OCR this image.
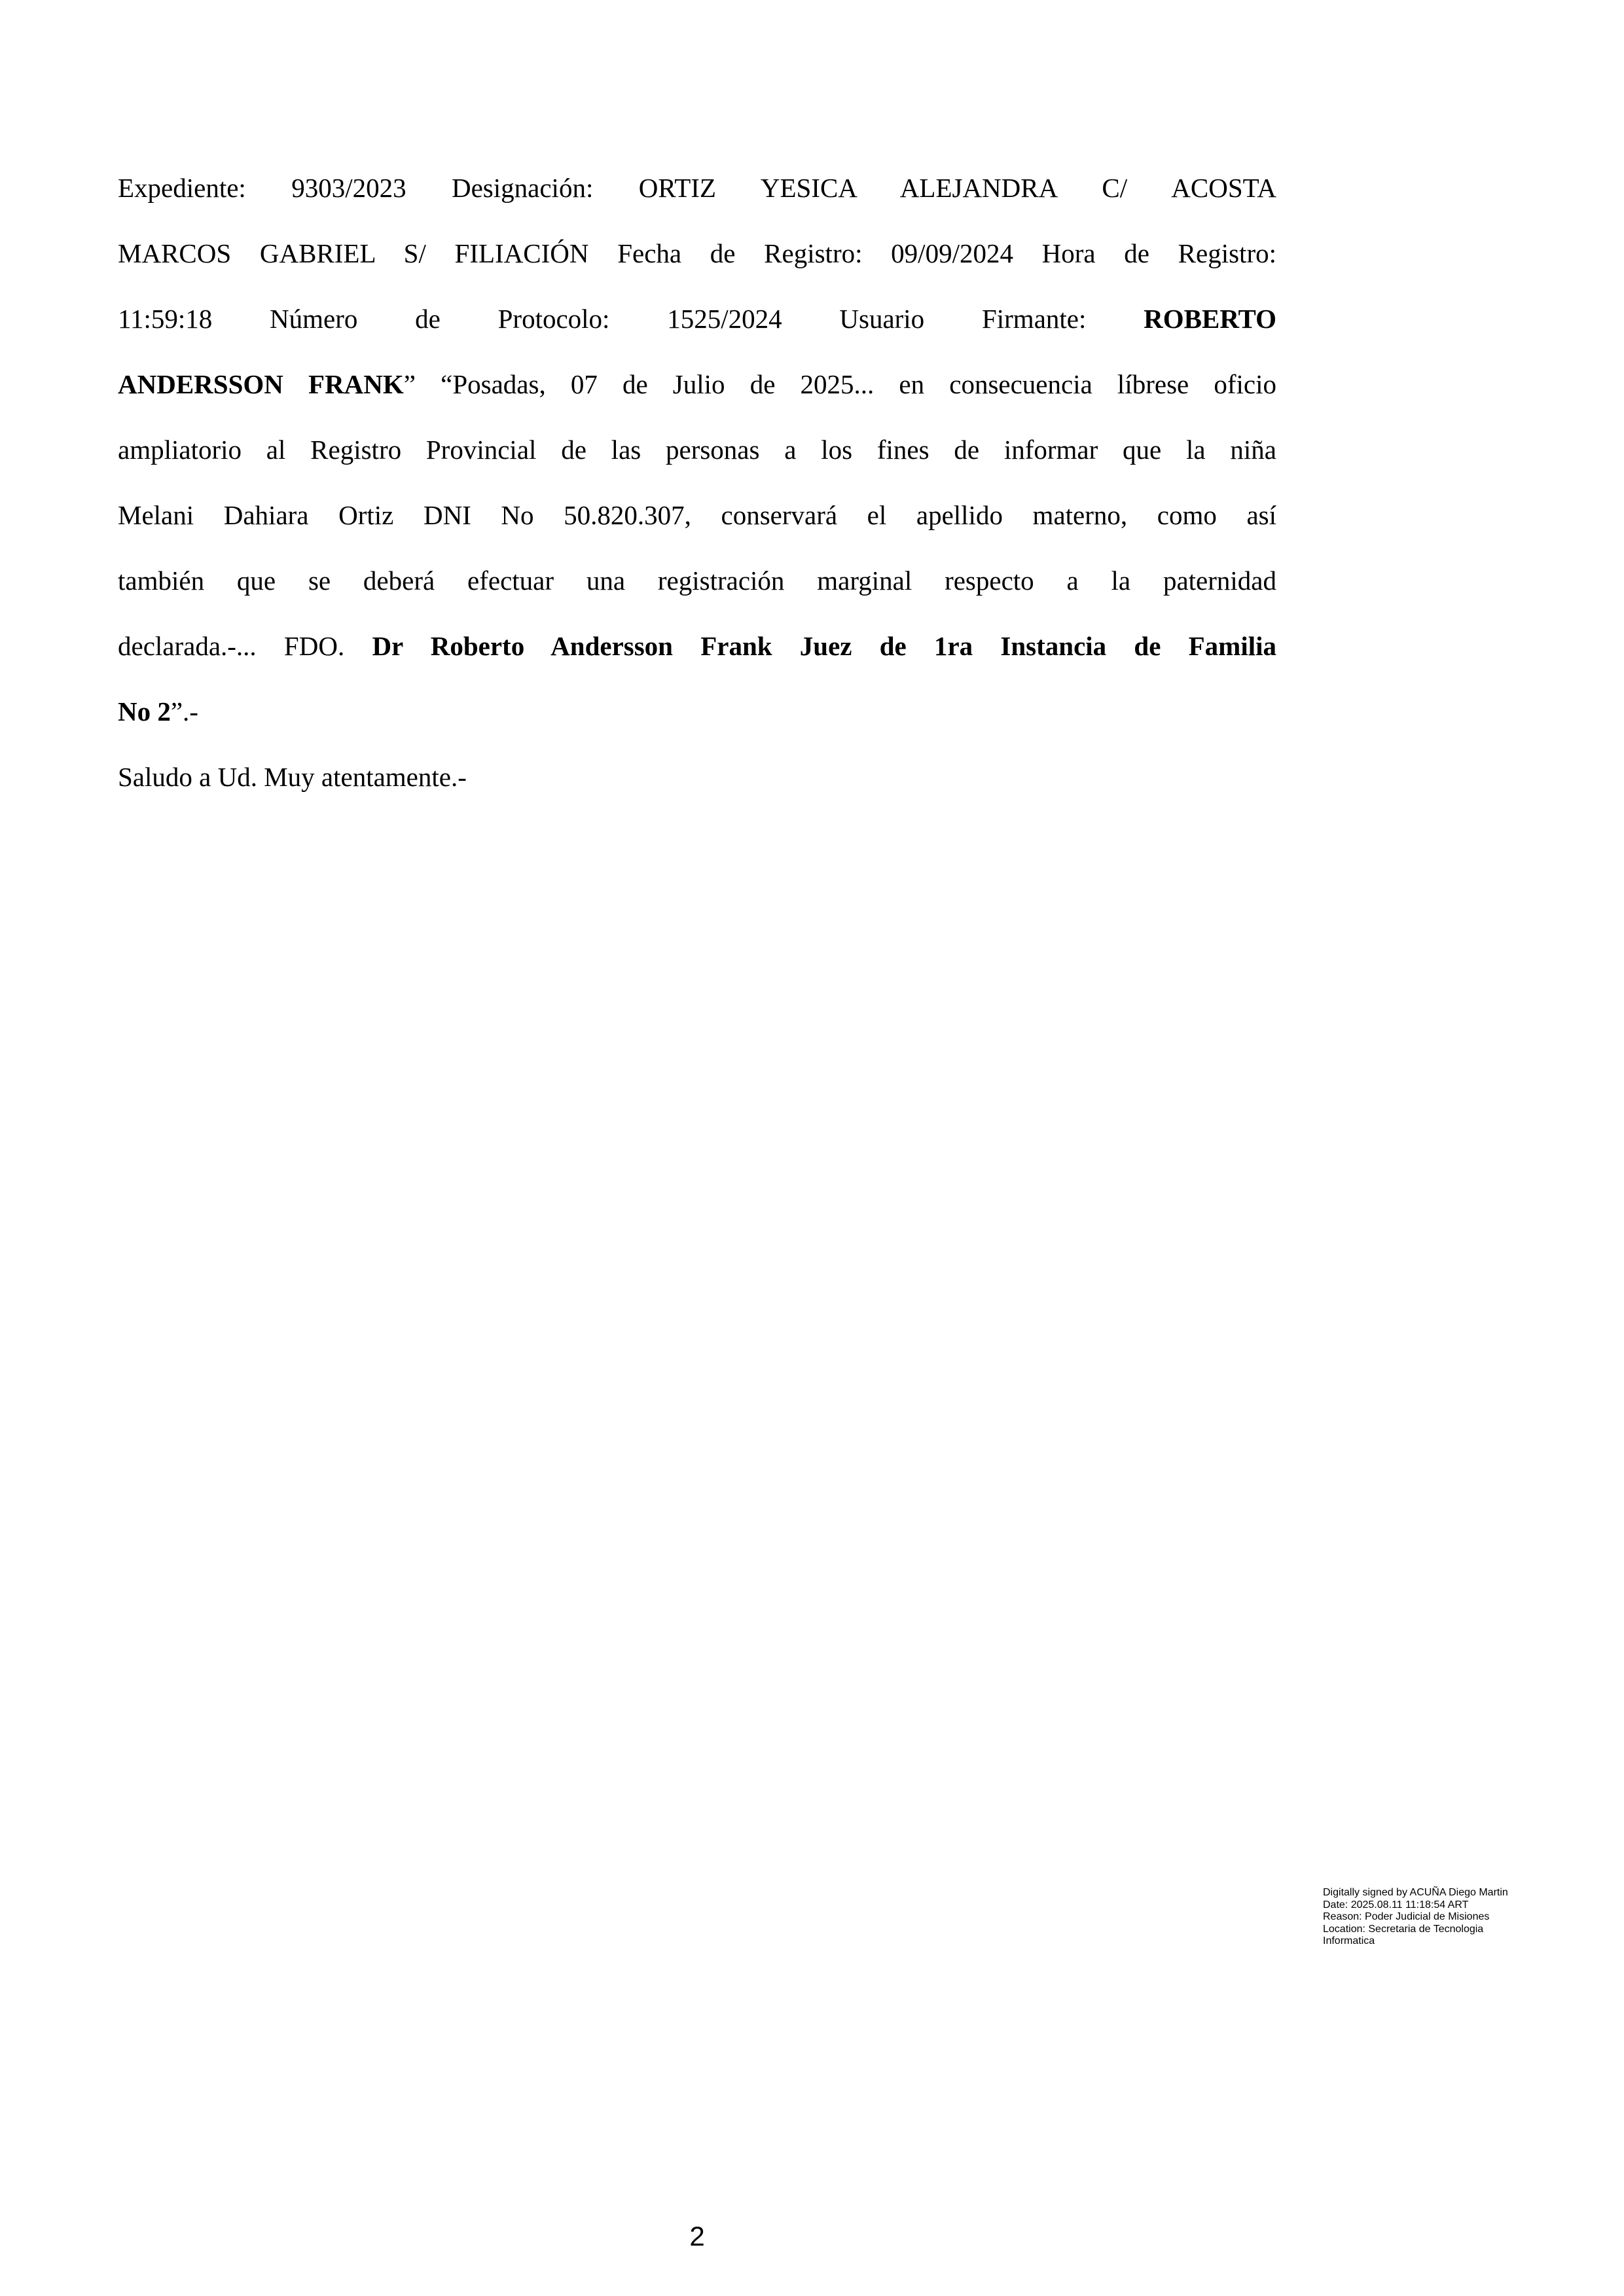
Expediente: 9303/2023 Designación: ORTIZ YESICA ALEJANDRA C/ ACOSTA

MARCOS GABRIEL S/ FILIACIÓN Fecha de Registro: 09/09/2024 Hora de Registro:

11:59:18 Número de Protocolo: 1525/2024 Usuario Firmante: ROBERTO

ANDERSSON FRANK” “Posadas, 07 de Julio de 2025... en consecuencia líbrese oficio

ampliatorio al Registro Provincial de las personas a los fines de informar que la niña

Melani Dahiara Ortiz DNI No 50.820.307, conservará el apellido materno, como así

también que se deberá efectuar una registración marginal respecto a la paternidad

declarada.-... FDO. Dr Roberto Andersson Frank Juez de 1ra Instancia de Familia

No 2”.-

Saludo a Ud. Muy atentamente.-

Digitally signed by ACUÑA Diego Martin
Date: 2025.08.11 11:18:54 ART
Reason: Poder Judicial de Misiones
Location: Secretaria de Tecnologia
Informatica
2
